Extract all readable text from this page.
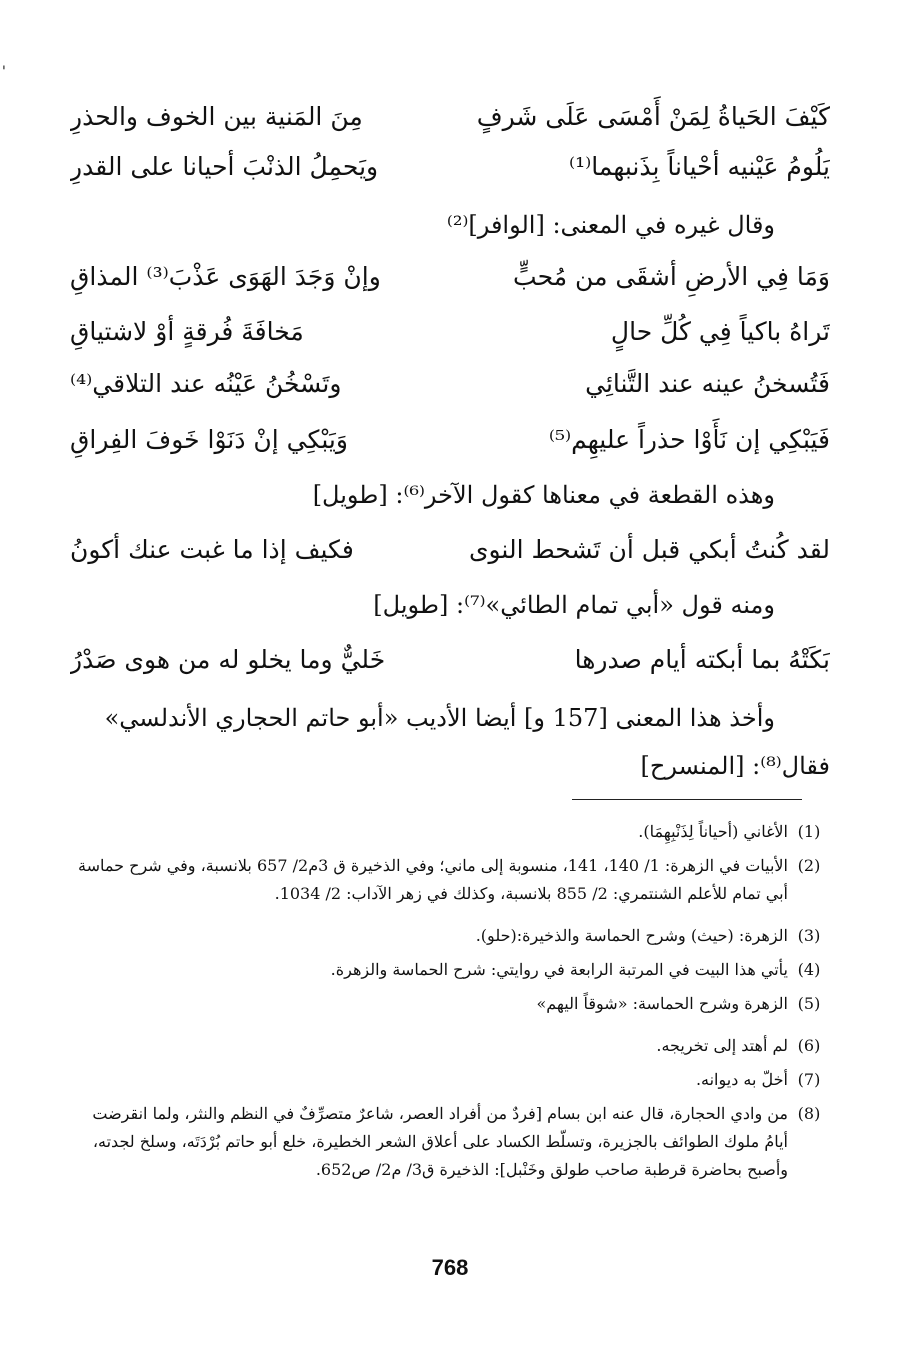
'
كَيْفَ الحَياةُ لِمَنْ أَمْسَى عَلَى شَرفٍ
مِنَ المَنية بين الخوف والحذرِ
يَلُومُ عَيْنيه أحْياناً بِذَنبهما⁽¹⁾
ويَحمِلُ الذنْبَ أحيانا على القدرِ
وقال غيره في المعنى: [الوافر]⁽²⁾
وَمَا فِي الأرضِ أشقَى من مُحبٍّ
وإنْ وَجَدَ الهَوَى عَذْبَ⁽³⁾ المذاقِ
تَراهُ باكياً فِي كُلِّ حالٍ
مَخافَةَ فُرقةٍ أوْ لاشتياقِ
فَتُسخنُ عينه عند التَّنائِي
وتَسْخُنُ عَيْنُه عند التلاقي⁽⁴⁾
فَيَبْكِي إن نَأَوْا حذراً عليهِم⁽⁵⁾
وَيَبْكِي إنْ دَنَوْا خَوفَ الفِراقِ
وهذه القطعة في معناها كقول الآخر⁽⁶⁾: [طويل]
لقد كُنتُ أبكي قبل أن تَشحط النوى
فكيف إذا ما غبت عنك أكونُ
ومنه قول «أبي تمام الطائي»⁽⁷⁾: [طويل]
بَكَتْهُ بما أبكته أيام صدرها
خَليٌّ وما يخلو له من هوى صَدْرُ
وأخذ هذا المعنى [157 و] أيضا الأديب «أبو حاتم الحجاري الأندلسي»
فقال⁽⁸⁾: [المنسرح]
(1)
الأغاني (أحياناً لِذَنْبِهِمَا).
(2)
الأبيات في الزهرة: 1/ 140، 141، منسوبة إلى ماني؛ وفي الذخيرة ق 3م2/ 657 بلانسبة، وفي شرح حماسة أبي تمام للأعلم الشنتمري: 2/ 855 بلانسبة، وكذلك في زهر الآداب: 2/ 1034.
(3)
الزهرة: (حيث) وشرح الحماسة والذخيرة:(حلو).
(4)
يأتي هذا البيت في المرتبة الرابعة في روايتي: شرح الحماسة والزهرة.
(5)
الزهرة وشرح الحماسة: «شوقاً اليهم»
(6)
لم أهتد إلى تخريجه.
(7)
أخلّ به ديوانه.
(8)
من وادي الحجارة، قال عنه ابن بسام [فردٌ من أفراد العصر، شاعرٌ متصرِّفٌ في النظم والنثر، ولما انقرضت أيامُ ملوك الطوائف بالجزيرة، وتسلّط الكساد على أعلاق الشعر الخطيرة، خلع أبو حاتم بُرْدَتَه، وسلخ لجدته، وأصبح بحاضرة قرطبة صاحب طولق وخَنْبل]: الذخيرة ق3/ م2/ ص652.
768
